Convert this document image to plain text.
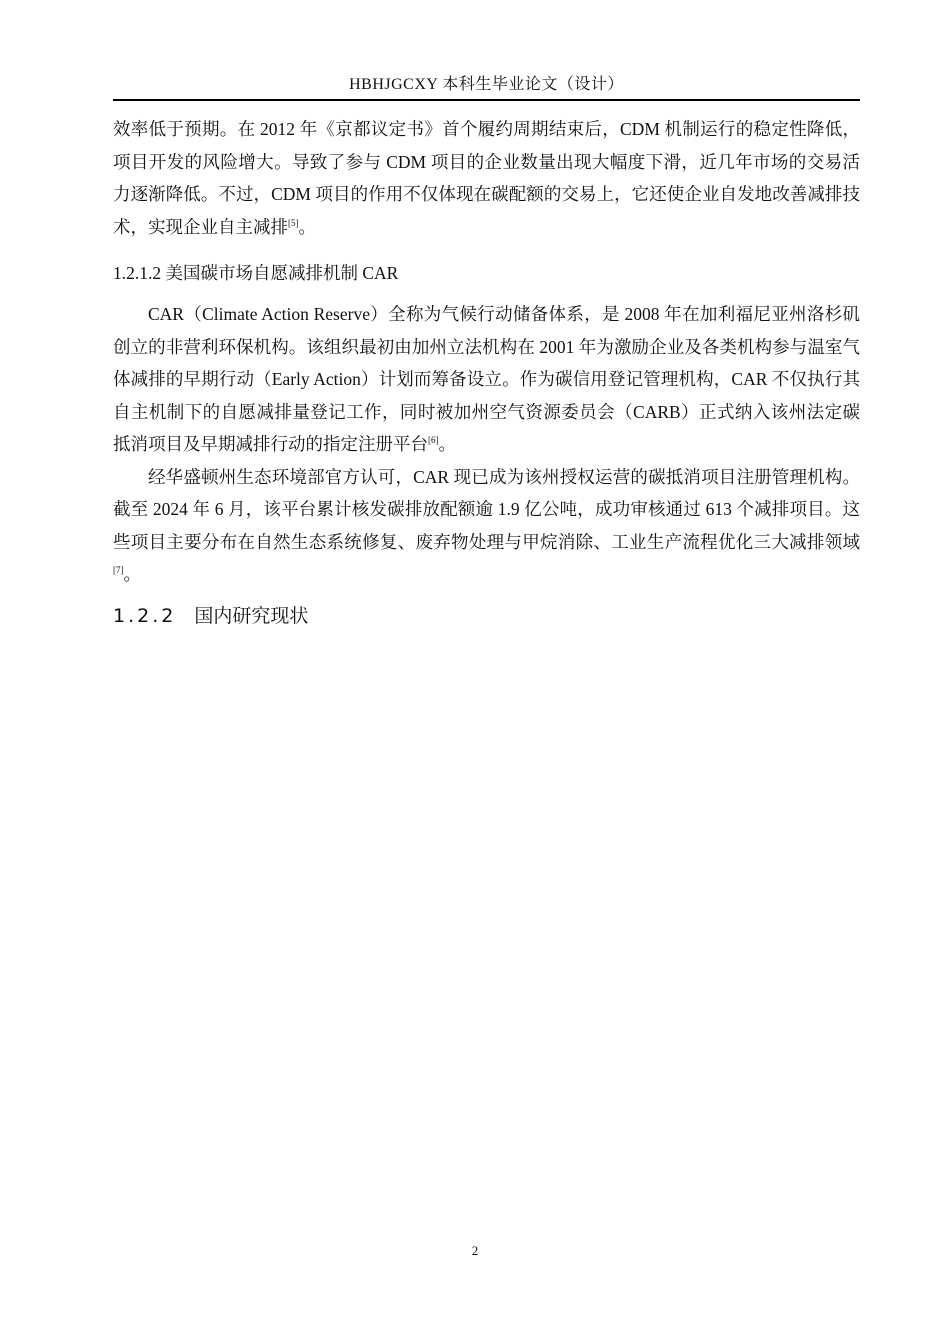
HBHJGCXY 本科生毕业论文（设计）

效率低于预期。在 2012 年《京都议定书》首个履约周期结束后，CDM 机制运行的稳定性降低，项目开发的风险增大。导致了参与 CDM 项目的企业数量出现大幅度下滑，近几年市场的交易活力逐渐降低。不过，CDM 项目的作用不仅体现在碳配额的交易上，它还使企业自发地改善减排技术，实现企业自主减排[5]。

1.2.1.2 美国碳市场自愿减排机制 CAR

CAR（Climate Action Reserve）全称为气候行动储备体系，是 2008 年在加利福尼亚州洛杉矶创立的非营利环保机构。该组织最初由加州立法机构在 2001 年为激励企业及各类机构参与温室气体减排的早期行动（Early Action）计划而筹备设立。作为碳信用登记管理机构，CAR 不仅执行其自主机制下的自愿减排量登记工作，同时被加州空气资源委员会（CARB）正式纳入该州法定碳抵消项目及早期减排行动的指定注册平台[6]。

经华盛顿州生态环境部官方认可，CAR 现已成为该州授权运营的碳抵消项目注册管理机构。截至 2024 年 6 月，该平台累计核发碳排放配额逾 1.9 亿公吨，成功审核通过 613 个减排项目。这些项目主要分布在自然生态系统修复、废弃物处理与甲烷消除、工业生产流程优化三大减排领域[7]。

1.2.2 国内研究现状
2
